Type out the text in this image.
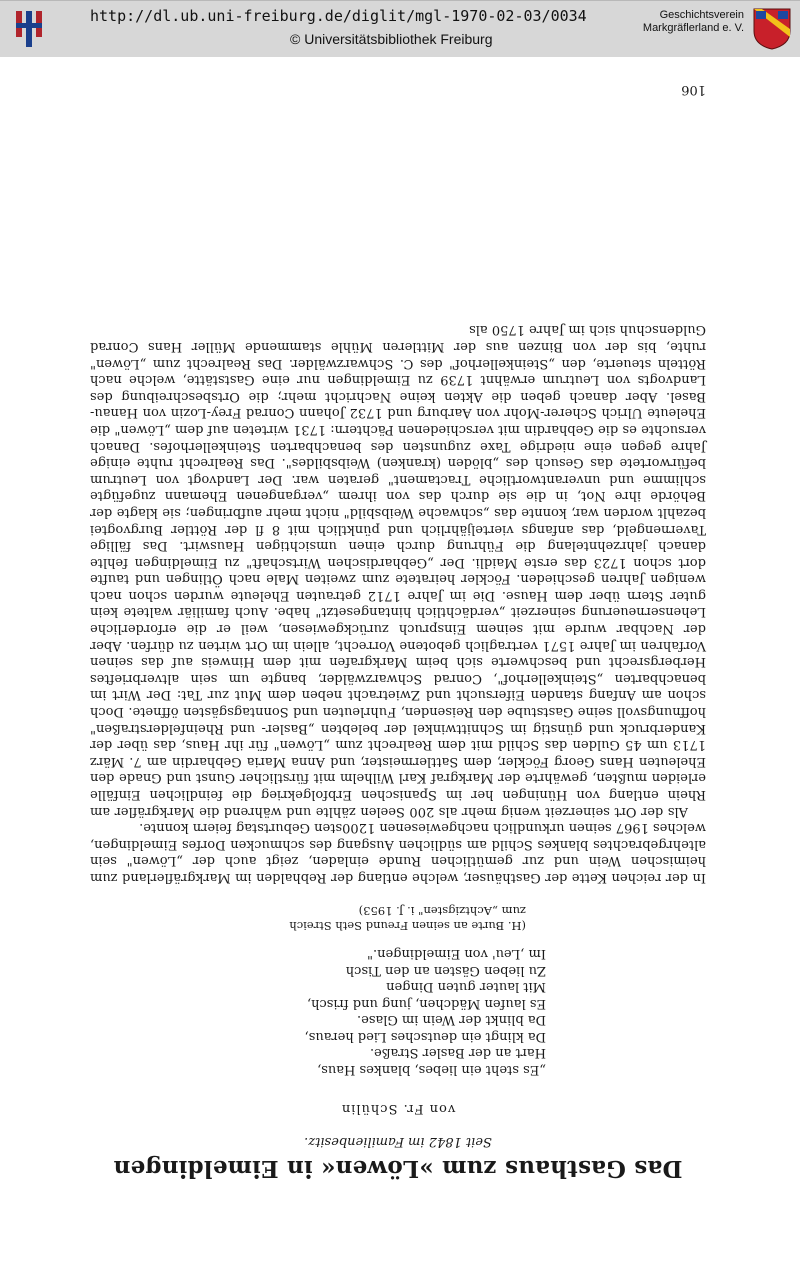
http://dl.ub.uni-freiburg.de/diglit/mgl-1970-02-03/0034
© Universitätsbibliothek Freiburg
Geschichtsverein
Markgräflerland e. V.
Das Gasthaus zum »Löwen« in Eimeldingen
Seit 1842 im Familienbesitz.
von Fr. Schülin
„Es steht ein liebes, blankes Haus,
Hart an der Basler Straße.
Da klingt ein deutsches Lied heraus,
Da blinkt der Wein im Glase.
Es laufen Mädchen, jung und frisch,
Mit lauter guten Dingen
Zu lieben Gästen an den Tisch
Im ‚Leu' von Eimeldingen."
(H. Burte an seinen Freund Seth Streich
zum „Achtzigsten" i. J. 1953)

In der reichen Kette der Gasthäuser, welche entlang der Rebhalden im Markgräflerland zum heimischen Wein und zur gemütlichen Runde einladen, zeigt auch der „Löwen" sein altehrgebrachtes blankes Schild am südlichen Ausgang des schmucken Dorfes Eimeldingen, welches 1967 seinen urkundlich nachgewiesenen 1200sten Geburtstag feiern konnte.

Als der Ort seinerzeit wenig mehr als 200 Seelen zählte und während die Markgräfler am Rhein entlang von Hüningen her im Spanischen Erbfolgekrieg die feindlichen Einfälle erleiden mußten, gewährte der Markgraf Karl Wilhelm mit fürstlicher Gunst und Gnade den Eheleuten Hans Georg Föckler, dem Sattlermeister, und Anna Maria Gebhardin am 7. März 1713 um 45 Gulden das Schild mit dem Realrecht zum „Löwen" für ihr Haus, das über der Kanderbruck und günstig im Schnittwinkel der belebten „Basler- und Rheinfelderstraßen" hoffnungsvoll seine Gaststube den Reisenden, Fuhrleuten und Sonntagsgästen öffnete. Doch schon am Anfang standen Eifersucht und Zwietracht neben dem Mut zur Tat: Der Wirt im benachbarten „Steinkellerhof", Conrad Schwarzwälder, bangte um sein altverbrieftes Herbergsrecht und beschwerte sich beim Markgrafen mit dem Hinweis auf das seinen Vorfahren im Jahre 1571 vertraglich gebotene Vorrecht, allein im Ort wirten zu dürfen. Aber der Nachbar wurde mit seinem Einspruch zurückgewiesen, weil er die erforderliche Lehenserneuerung seinerzeit „verdächtlich hintangesetzt" habe. Auch familiär waltete kein guter Stern über dem Hause. Die im Jahre 1712 getrauten Eheleute wurden schon nach wenigen Jahren geschieden. Föckler heiratete zum zweiten Male nach Ötlingen und taufte dort schon 1723 das erste Maidli. Der „Gebhardischen Wirtschaft" zu Eimeldingen fehlte danach jahrzehntelang die Führung durch einen umsichtigen Hauswirt. Das fällige Tavernengeld, das anfangs vierteljährlich und pünktlich mit 8 fl der Röttler Burgvogtei bezahlt worden war, konnte das „schwache Weibsbild" nicht mehr aufbringen; sie klagte der Behörde ihre Not, in die sie durch das von ihrem „vergangenen Ehemann zugefügte schlimme und unverantwortliche Tractament" geraten war. Der Landvogt von Leutrum befürwortete das Gesuch des „blöden (kranken) Weibsbildes". Das Realrecht ruhte einige Jahre gegen eine niedrige Taxe zugunsten des benachbarten Steinkellerhofes. Danach versuchte es die Gebhardin mit verschiedenen Pächtern: 1731 wirteten auf dem „Löwen" die Eheleute Ulrich Scherer-Mohr von Aarburg und 1732 Johann Conrad Frey-Lozin von Hanau-Basel. Aber danach geben die Akten keine Nachricht mehr; die Ortsbeschreibung des Landvogts von Leutrum erwähnt 1739 zu Eimeldingen nur eine Gaststätte, welche nach Rötteln steuerte, den „Steinkellerhof" des C. Schwarzwälder. Das Realrecht zum „Löwen" ruhte, bis der von Binzen aus der Mittleren Mühle stammende Müller Hans Conrad Guldenschuh sich im Jahre 1750 als

106
